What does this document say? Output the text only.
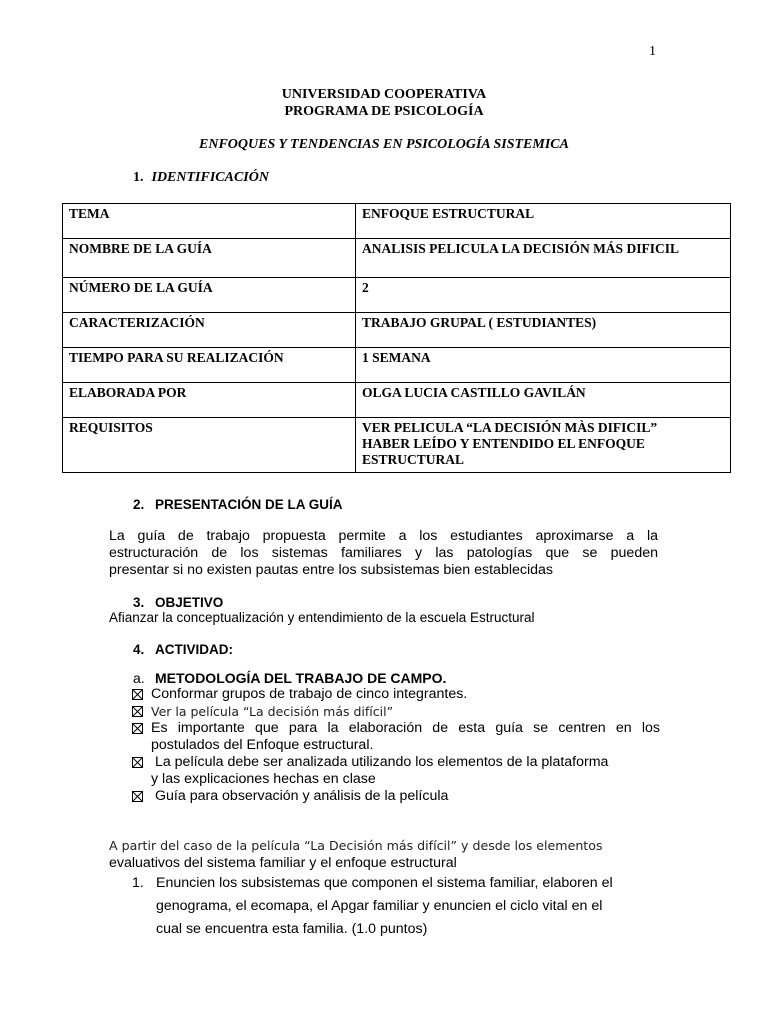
1
UNIVERSIDAD COOPERATIVA
PROGRAMA DE PSICOLOGÍA
ENFOQUES Y TENDENCIAS EN PSICOLOGÍA SISTEMICA
1. IDENTIFICACIÓN
TEMA	ENFOQUE ESTRUCTURAL
NOMBRE DE LA GUÍA	ANALISIS PELICULA LA DECISIÓN MÁS DIFICIL
NÚMERO DE LA GUÍA	2
CARACTERIZACIÓN	TRABAJO GRUPAL ( ESTUDIANTES)
TIEMPO PARA SU REALIZACIÓN	1 SEMANA
ELABORADA POR	OLGA LUCIA CASTILLO GAVILÁN
REQUISITOS	VER PELICULA “LA DECISIÓN MÀS DIFICIL”
HABER LEÍDO Y ENTENDIDO EL ENFOQUE
ESTRUCTURAL
2. PRESENTACIÓN DE LA GUÍA
La guía de trabajo propuesta permite a los estudiantes aproximarse a la
estructuración de los sistemas familiares y las patologías que se pueden
presentar si no existen pautas entre los subsistemas bien establecidas
3. OBJETIVO
Afianzar la conceptualización y entendimiento de la escuela Estructural
4. ACTIVIDAD:
a. METODOLOGÍA DEL TRABAJO DE CAMPO.
Conformar grupos de trabajo de cinco integrantes.
Ver la película “La decisión más difícil”
Es importante que para la elaboración de esta guía se centren en los
postulados del Enfoque estructural.
La película debe ser analizada utilizando los elementos de la plataforma
y las explicaciones hechas en clase
Guía para observación y análisis de la película
A partir del caso de la película “La Decisión más difícil” y desde los elementos
evaluativos del sistema familiar y el enfoque estructural
1. Enuncien los subsistemas que componen el sistema familiar, elaboren el
genograma, el ecomapa, el Apgar familiar y enuncien el ciclo vital en el
cual se encuentra esta familia. (1.0 puntos)
